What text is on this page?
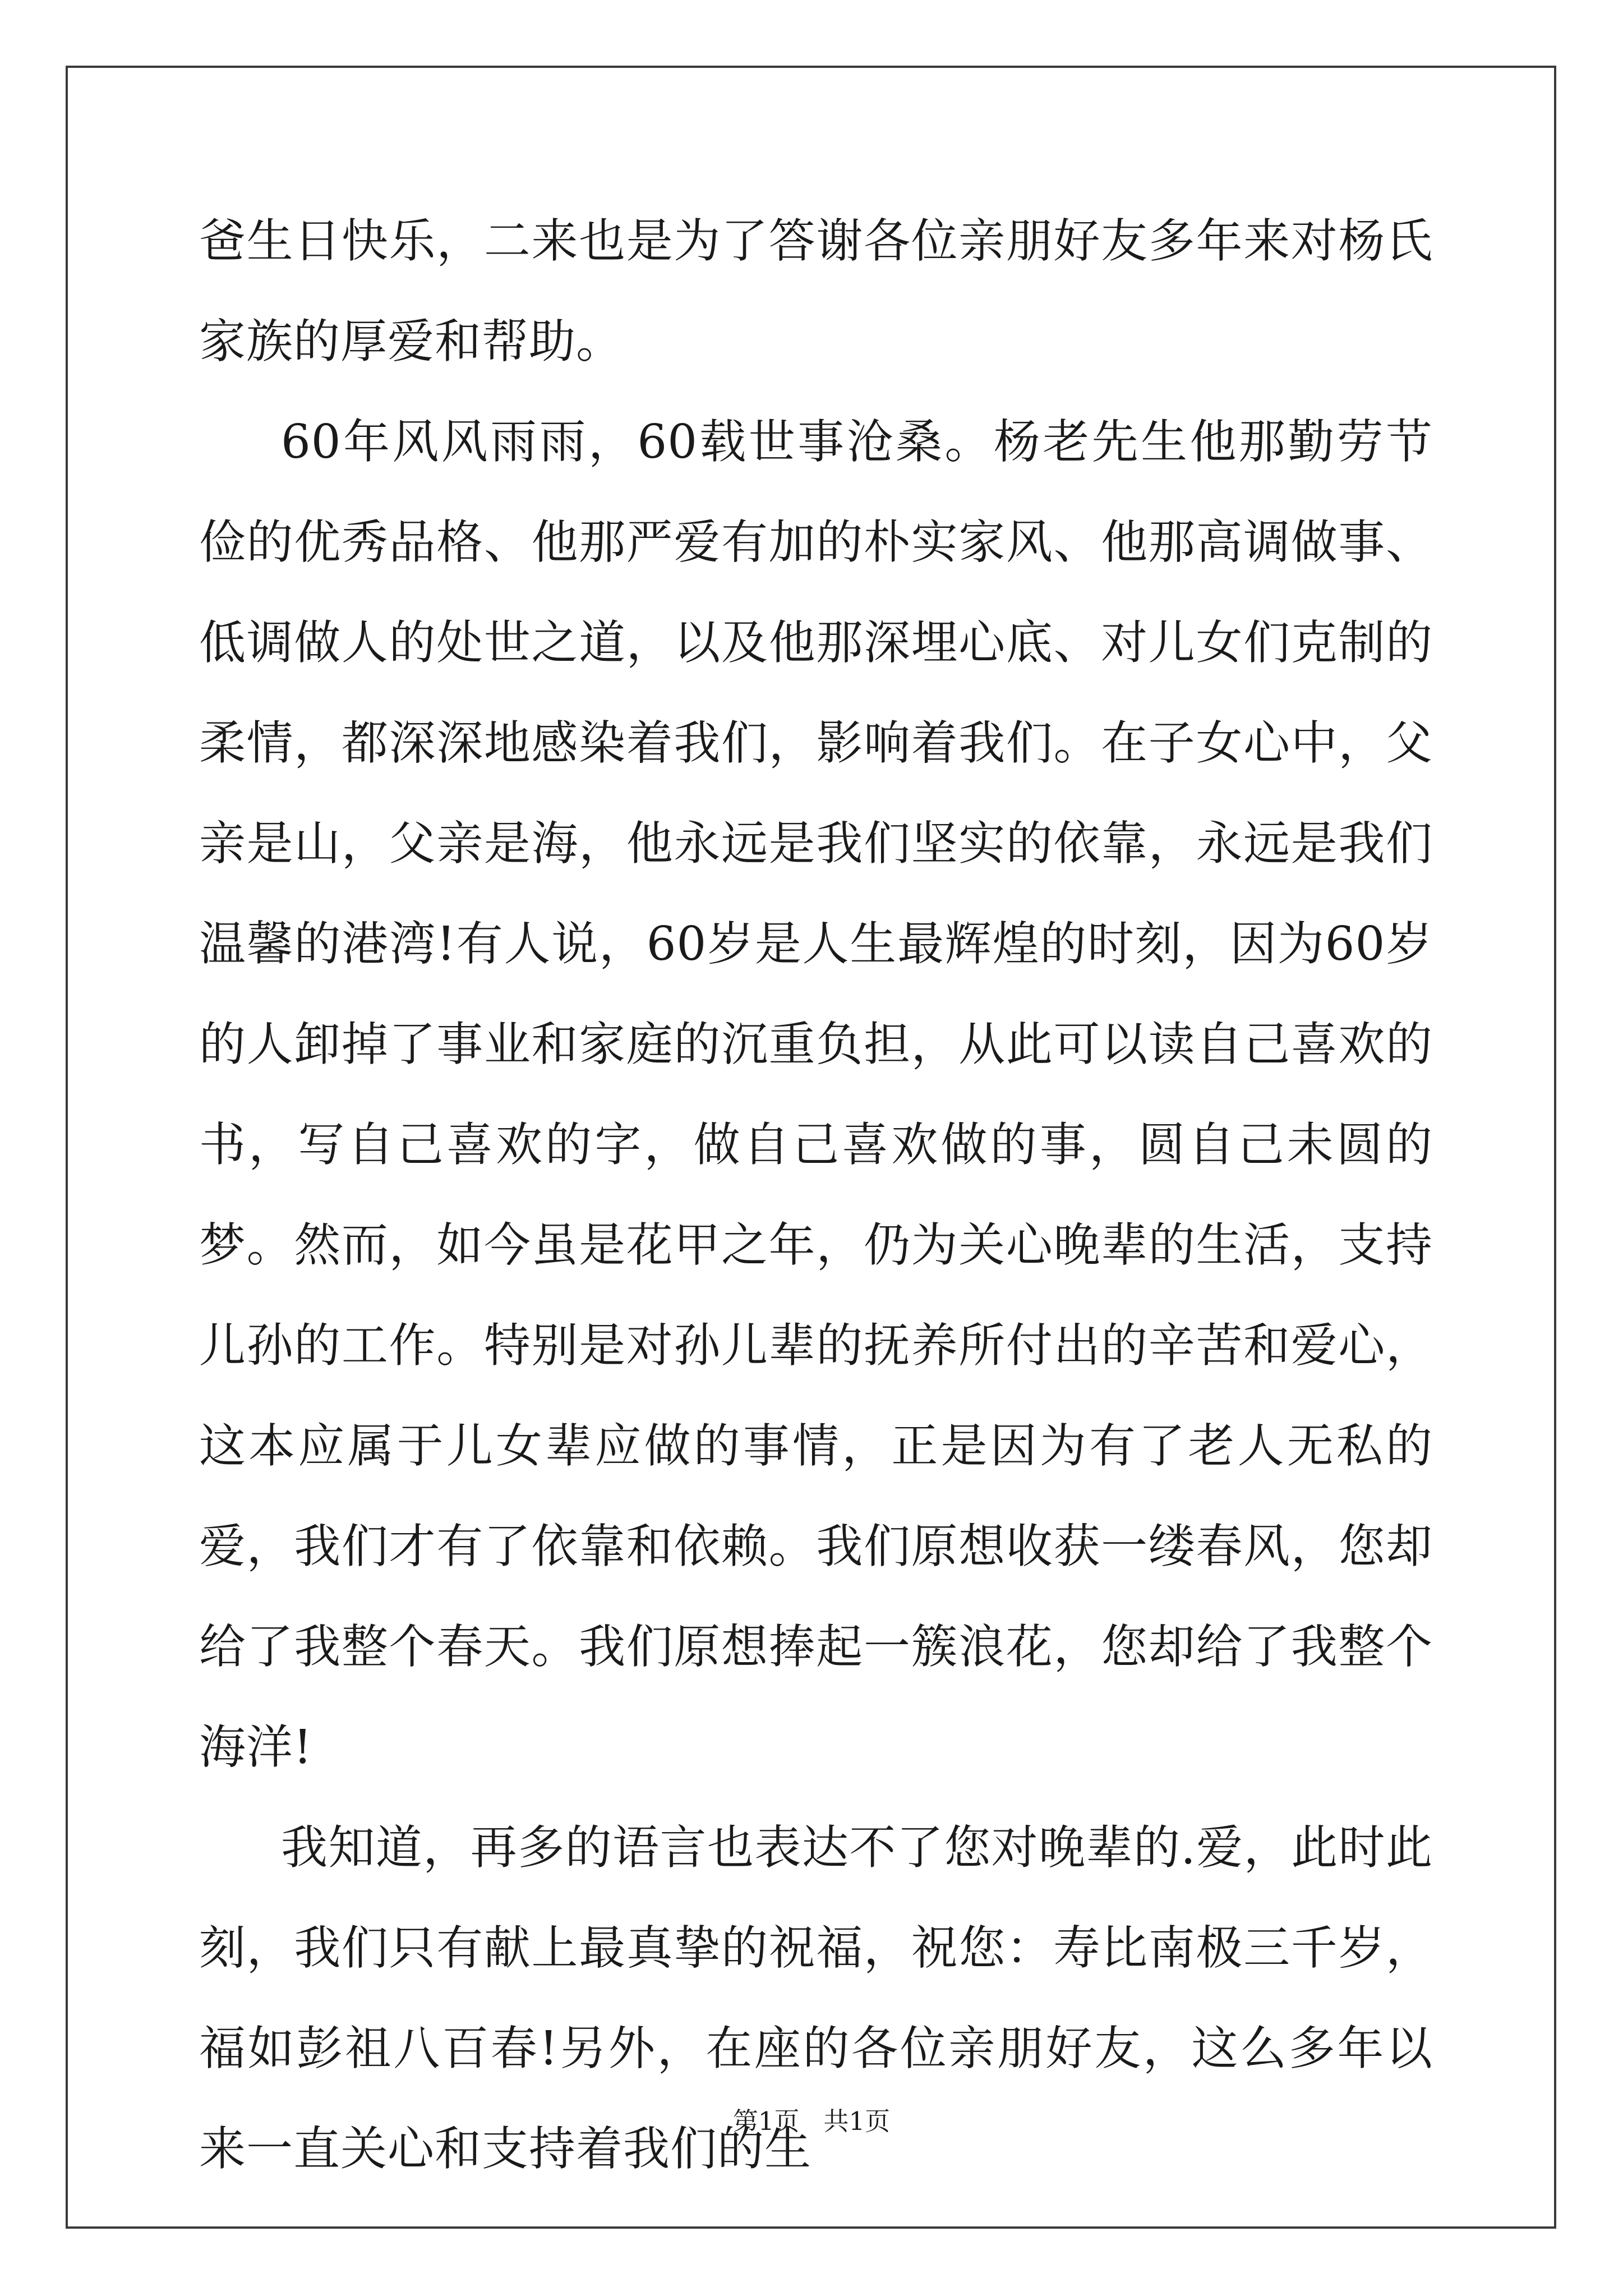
爸生日快乐，二来也是为了答谢各位亲朋好友多年来对杨氏家族的厚爱和帮助。

60年风风雨雨，60载世事沧桑。杨老先生他那勤劳节俭的优秀品格、他那严爱有加的朴实家风、他那高调做事、低调做人的处世之道，以及他那深埋心底、对儿女们克制的柔情，都深深地感染着我们，影响着我们。在子女心中，父亲是山，父亲是海，他永远是我们坚实的依靠，永远是我们温馨的港湾!有人说，60岁是人生最辉煌的时刻，因为60岁的人卸掉了事业和家庭的沉重负担，从此可以读自己喜欢的书，写自己喜欢的字，做自己喜欢做的事，圆自己未圆的梦。然而，如今虽是花甲之年，仍为关心晚辈的生活，支持儿孙的工作。特别是对孙儿辈的抚养所付出的辛苦和爱心，这本应属于儿女辈应做的事情，正是因为有了老人无私的爱，我们才有了依靠和依赖。我们原想收获一缕春风，您却给了我整个春天。我们原想捧起一簇浪花，您却给了我整个海洋!

我知道，再多的语言也表达不了您对晚辈的.爱，此时此刻，我们只有献上最真挚的祝福，祝您：寿比南极三千岁，福如彭祖八百春!另外，在座的各位亲朋好友，这么多年以来一直关心和支持着我们的生

第1页   共1页
